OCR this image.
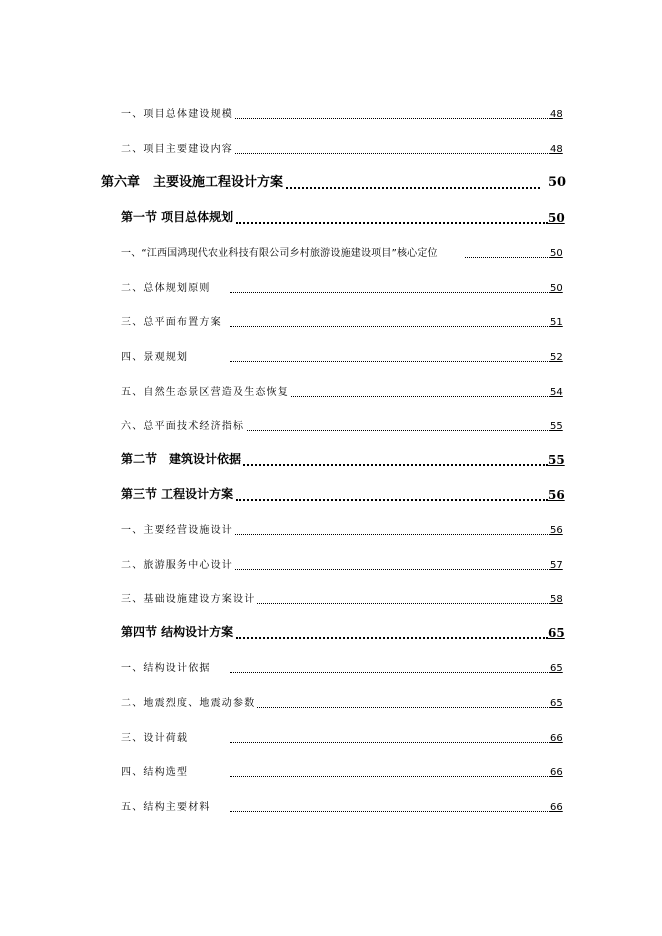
一、项目总体建设规模	48
二、项目主要建设内容	48
第六章　主要设施工程设计方案	50
第一节 项目总体规划	50
一、“江西国鸿现代农业科技有限公司乡村旅游设施建设项目”核心定位	50
二、总体规划原则	50
三、总平面布置方案	51
四、景观规划	52
五、自然生态景区营造及生态恢复	54
六、总平面技术经济指标	55
第二节　建筑设计依据	55
第三节 工程设计方案	56
一、主要经营设施设计	56
二、旅游服务中心设计	57
三、基础设施建设方案设计	58
第四节 结构设计方案	65
一、结构设计依据	65
二、地震烈度、地震动参数	65
三、设计荷载	66
四、结构选型	66
五、结构主要材料	66
